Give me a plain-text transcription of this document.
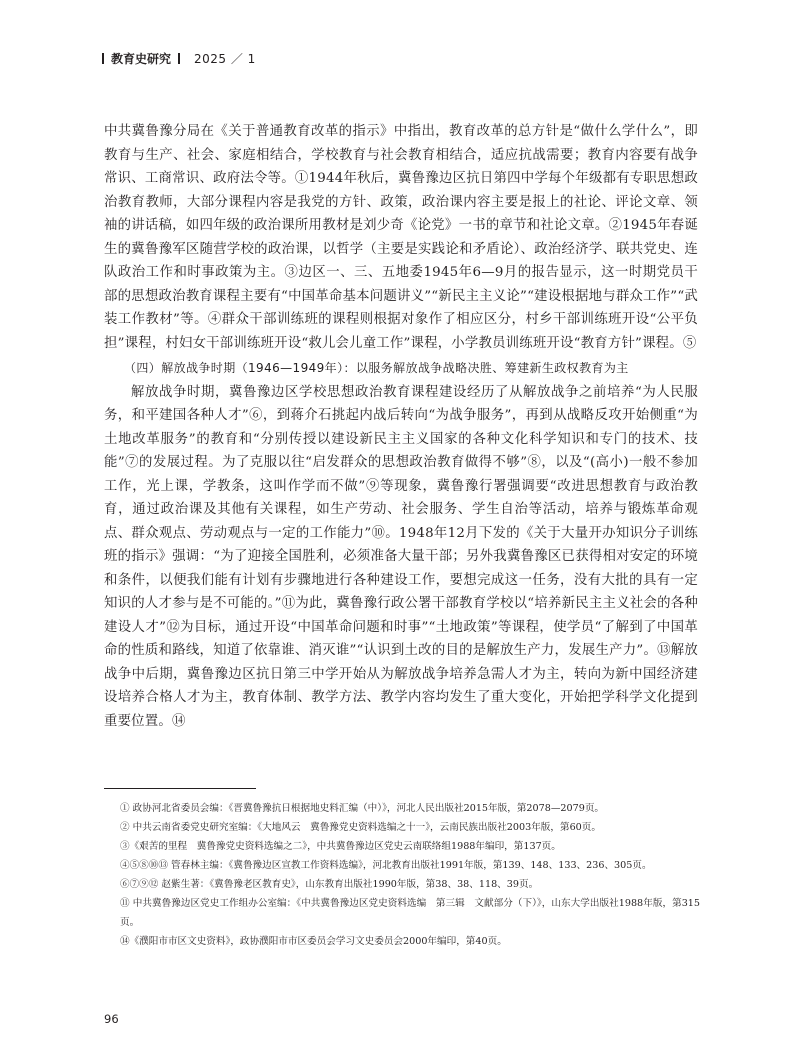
教育史研究 2025 ／ 1

中共冀鲁豫分局在《关于普通教育改革的指示》中指出，教育改革的总方针是“做什么学什么”，即教育与生产、社会、家庭相结合，学校教育与社会教育相结合，适应抗战需要；教育内容要有战争常识、工商常识、政府法令等。①1944年秋后，冀鲁豫边区抗日第四中学每个年级都有专职思想政治教育教师，大部分课程内容是我党的方针、政策，政治课内容主要是报上的社论、评论文章、领袖的讲话稿，如四年级的政治课所用教材是刘少奇《论党》一书的章节和社论文章。②1945年春诞生的冀鲁豫军区随营学校的政治课，以哲学（主要是实践论和矛盾论）、政治经济学、联共党史、连队政治工作和时事政策为主。③边区一、三、五地委1945年6—9月的报告显示，这一时期党员干部的思想政治教育课程主要有“中国革命基本问题讲义”“新民主主义论”“建设根据地与群众工作”“武装工作教材”等。④群众干部训练班的课程则根据对象作了相应区分，村乡干部训练班开设“公平负担”课程，村妇女干部训练班开设“救儿会儿童工作”课程，小学教员训练班开设“教育方针”课程。⑤

（四）解放战争时期（1946—1949年）：以服务解放战争战略决胜、筹建新生政权教育为主

解放战争时期，冀鲁豫边区学校思想政治教育课程建设经历了从解放战争之前培养“为人民服务，和平建国各种人才”⑥，到蒋介石挑起内战后转向“为战争服务”，再到从战略反攻开始侧重“为土地改革服务”的教育和“分别传授以建设新民主主义国家的各种文化科学知识和专门的技术、技能”⑦的发展过程。为了克服以往“启发群众的思想政治教育做得不够”⑧，以及“(高小)一般不参加工作，光上课，学教条，这叫作学而不做”⑨等现象，冀鲁豫行署强调要“改进思想教育与政治教育，通过政治课及其他有关课程，如生产劳动、社会服务、学生自治等活动，培养与锻炼革命观点、群众观点、劳动观点与一定的工作能力”⑩。1948年12月下发的《关于大量开办知识分子训练班的指示》强调：“为了迎接全国胜利，必须准备大量干部；另外我冀鲁豫区已获得相对安定的环境和条件，以便我们能有计划有步骤地进行各种建设工作，要想完成这一任务，没有大批的具有一定知识的人才参与是不可能的。”⑪为此，冀鲁豫行政公署干部教育学校以“培养新民主主义社会的各种建设人才”⑫为目标，通过开设“中国革命问题和时事”“土地政策”等课程，使学员“了解到了中国革命的性质和路线，知道了依靠谁、消灭谁”“认识到土改的目的是解放生产力，发展生产力”。⑬解放战争中后期，冀鲁豫边区抗日第三中学开始从为解放战争培养急需人才为主，转向为新中国经济建设培养合格人才为主，教育体制、教学方法、教学内容均发生了重大变化，开始把学科学文化提到重要位置。⑭

① 政协河北省委员会编：《晋冀鲁豫抗日根据地史料汇编（中）》，河北人民出版社2015年版，第2078—2079页。

② 中共云南省委党史研究室编：《大地风云　冀鲁豫党史资料选编之十一》，云南民族出版社2003年版，第60页。

③《艰苦的里程　冀鲁豫党史资料选编之二》，中共冀鲁豫边区党史云南联络组1988年编印，第137页。

④⑤⑧⑩⑬ 管春林主编：《冀鲁豫边区宣教工作资料选编》，河北教育出版社1991年版，第139、148、133、236、305页。

⑥⑦⑨⑫ 赵紫生著：《冀鲁豫老区教育史》，山东教育出版社1990年版，第38、38、118、39页。

⑪ 中共冀鲁豫边区党史工作组办公室编：《中共冀鲁豫边区党史资料选编　第三辑　文献部分（下）》，山东大学出版社1988年版，第315页。

⑭《濮阳市市区文史资料》，政协濮阳市市区委员会学习文史委员会2000年编印，第40页。

96
